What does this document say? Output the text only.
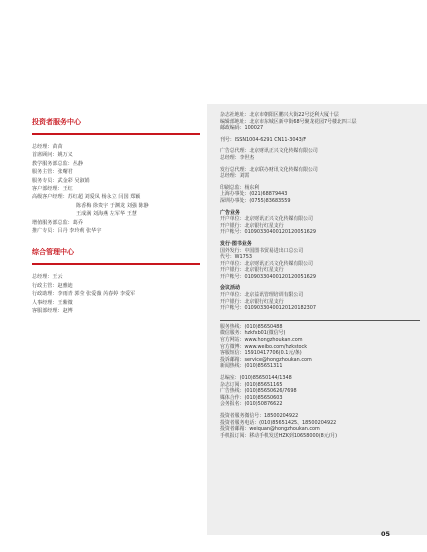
投资者服务中心
总经理：苗苗
首席顾问：姚万义
教学服务部总监：丛静
服务主管：张曙君
服务专员：武金彩 吴淑娟
客户部经理：王红
高级客户经理：苏红超 刘爱凤 杨永立 闫国 郑颖
陈香梅 徐贵宇 于渊龙 刘强 陈静
王成满 刘海燕 左军华 王慧
增值服务部总监：葛乔
推广专员：吕丹 李玲莉 张华宇
综合管理中心
总经理：王云
行政主管：赵雅迪
行政助理：李雨青 郭莹 张爱薇 芮春婷 李爱军
人事经理：王紫微
客服部经理：赵博
杂志社地址：北京市朝阳区鹏兴大街22号泛利大厦十层
编辑部地址：北京市东城区新中街68号聚龙花园7号楼北四三层
邮政编码：100027
刊号：ISSN1004-6291 CN11-3043/F
广告总代理：北京财讯正兴文化传媒有限公司
总经理：李世杰
发行总代理：北京联办财讯文化传媒有限公司
总经理：刘霄
印刷总监：杨东利
上海办事处：(021)68879443
深圳办事处：(0755)83683559
广告业务
开户单位：北京财讯正兴文化传媒有限公司
开户银行：北京银行红星支行
开户帐号：01090330400120120051629
发行·图书业务
国外发行：中国图书贸易进出口总公司
代号：W1753
开户单位：北京财讯正兴文化传媒有限公司
开户银行：北京银行红星支行
开户帐号：01090330400120120051629
会议活动
开户单位：北京益讯管理培训有限公司
开户银行：北京银行红星支行
开户帐号：01090330400120120182307
服务热线：(010)85650488
微信服务：hzkfxb01(微信号)
官方网站：www.hongzhoukan.com
官方微博：www.weibo.com/hzkstock
客服短信：15910417706(0.1元/条)
投诉邮箱：service@hongzhoukan.com
新闻热线：(010)85651311
总编室：(010)85650144/1348
杂志订阅：(010)85651165
广告热线：(010)85650626/7698
媒体合作：(010)85650603
会务报名：(010)50876622
投资者服务微信号：18500204922
投资者服务电话：(010)85651425、18500204922
投资者邮箱：weiquan@hongzhoukan.com
手机报订阅：移动手机发送HZK到10658000(8元/月)
05
